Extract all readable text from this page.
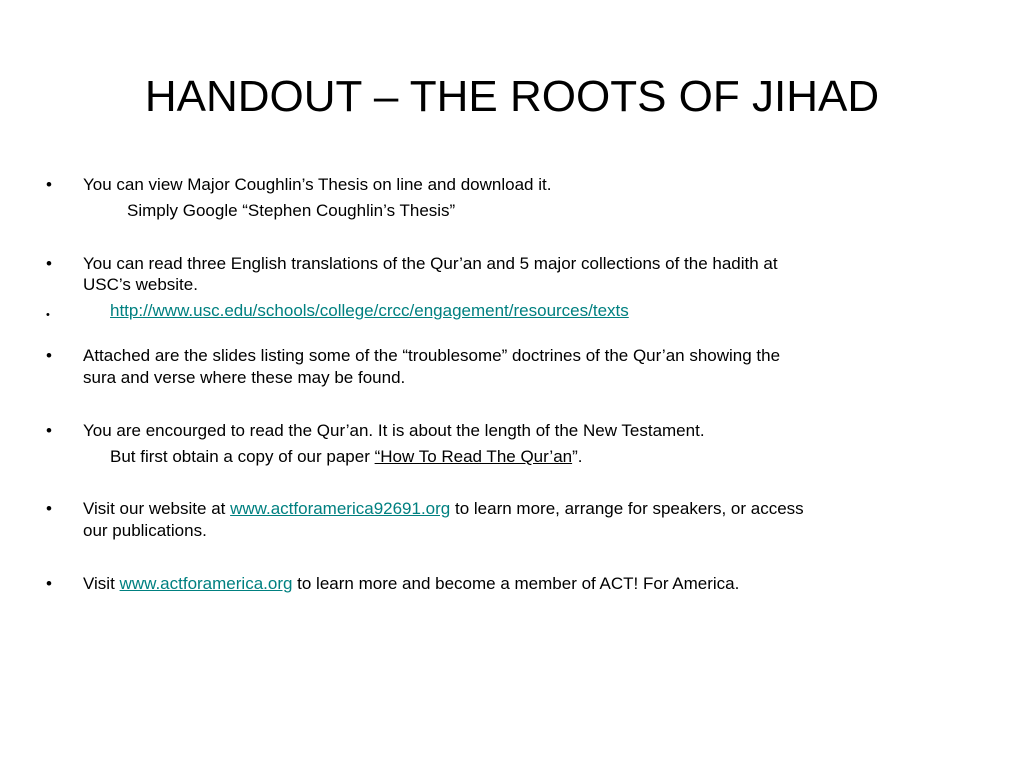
HANDOUT – THE ROOTS OF JIHAD
• You can view Major Coughlin’s Thesis on line and download it.
Simply Google “Stephen Coughlin’s Thesis”
• You can read three English translations of the Qur’an and 5 major collections of the hadith at
USC’s website.
•	http://www.usc.edu/schools/college/crcc/engagement/resources/texts
• Attached are the slides listing some of the “troublesome” doctrines of the Qur’an showing the
sura and verse where these may be found.
• You are encourged to read the Qur’an. It is about the length of the New Testament.
But first obtain a copy of our paper “How To Read The Qur’an”.
• Visit our website at www.actforamerica92691.org to learn more, arrange for speakers, or access
our publications.
• Visit www.actforamerica.org to learn more and become a member of ACT! For America.
